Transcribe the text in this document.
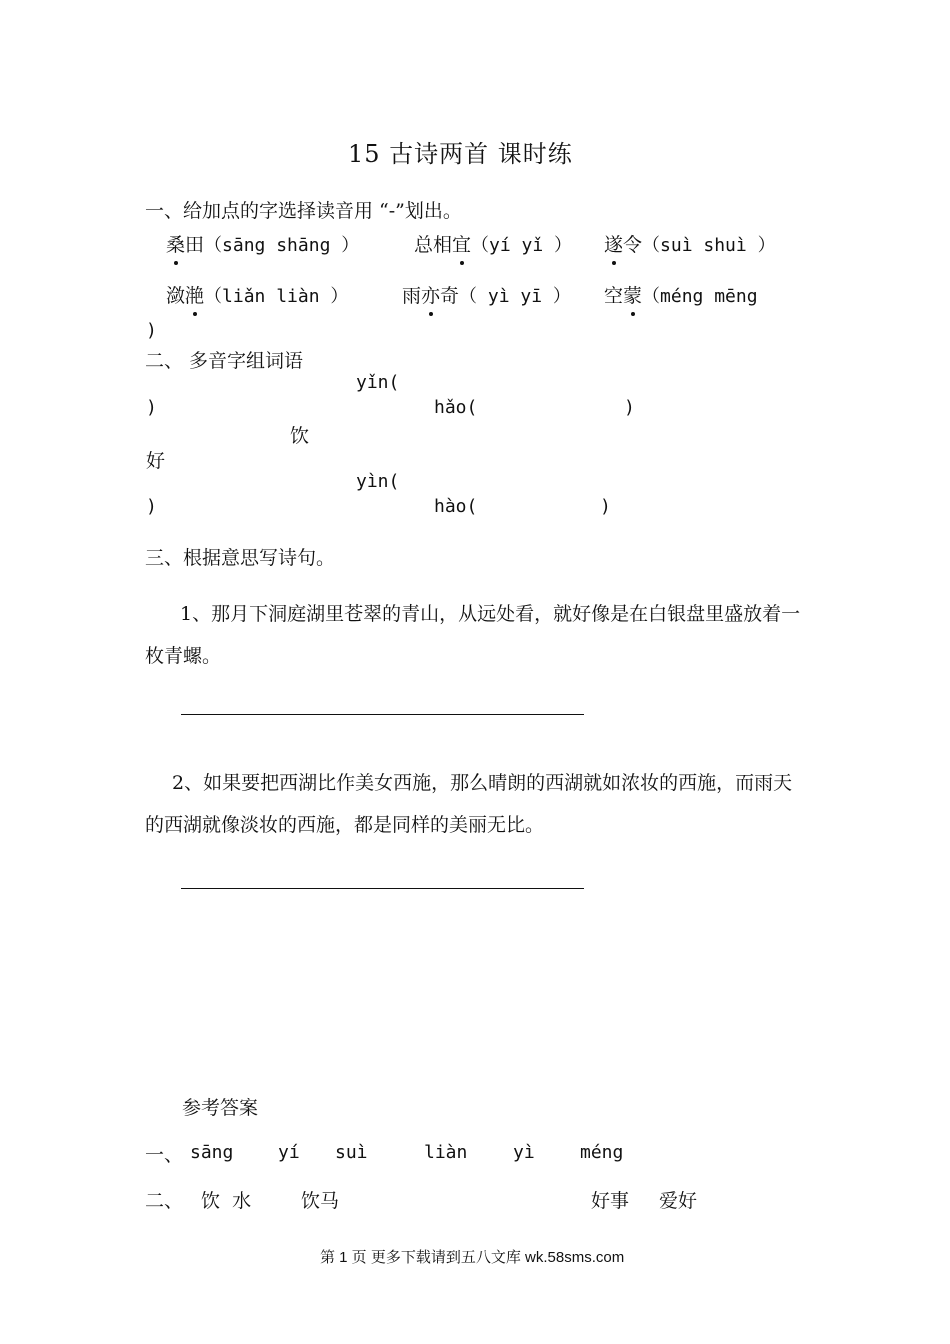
15 古诗两首 课时练
一、给加点的字选择读音用 “-”划出。
桑田（sāng shāng ）	总相宜（yí yǐ ） 遂令（suì shuì ）
潋滟（liǎn liàn ）	雨亦奇（ yì yī ） 空蒙（méng mēng
)
二、 多音字组词语
yǐn(
)	hǎo(	)
饮
好
yìn(
)	hào(	)
三、根据意思写诗句。
1、那月下洞庭湖里苍翠的青山，从远处看，就好像是在白银盘里盛放着一枚青螺。
2、如果要把西湖比作美女西施，那么晴朗的西湖就如浓妆的西施，而雨天的西湖就像淡妆的西施，都是同样的美丽无比。
参考答案
一、 sāng yí suì	liàn	yì	méng
二、 饮  水	饮马	好事 爱好
第 1 页 更多下载请到五八文库 wk.58sms.com
